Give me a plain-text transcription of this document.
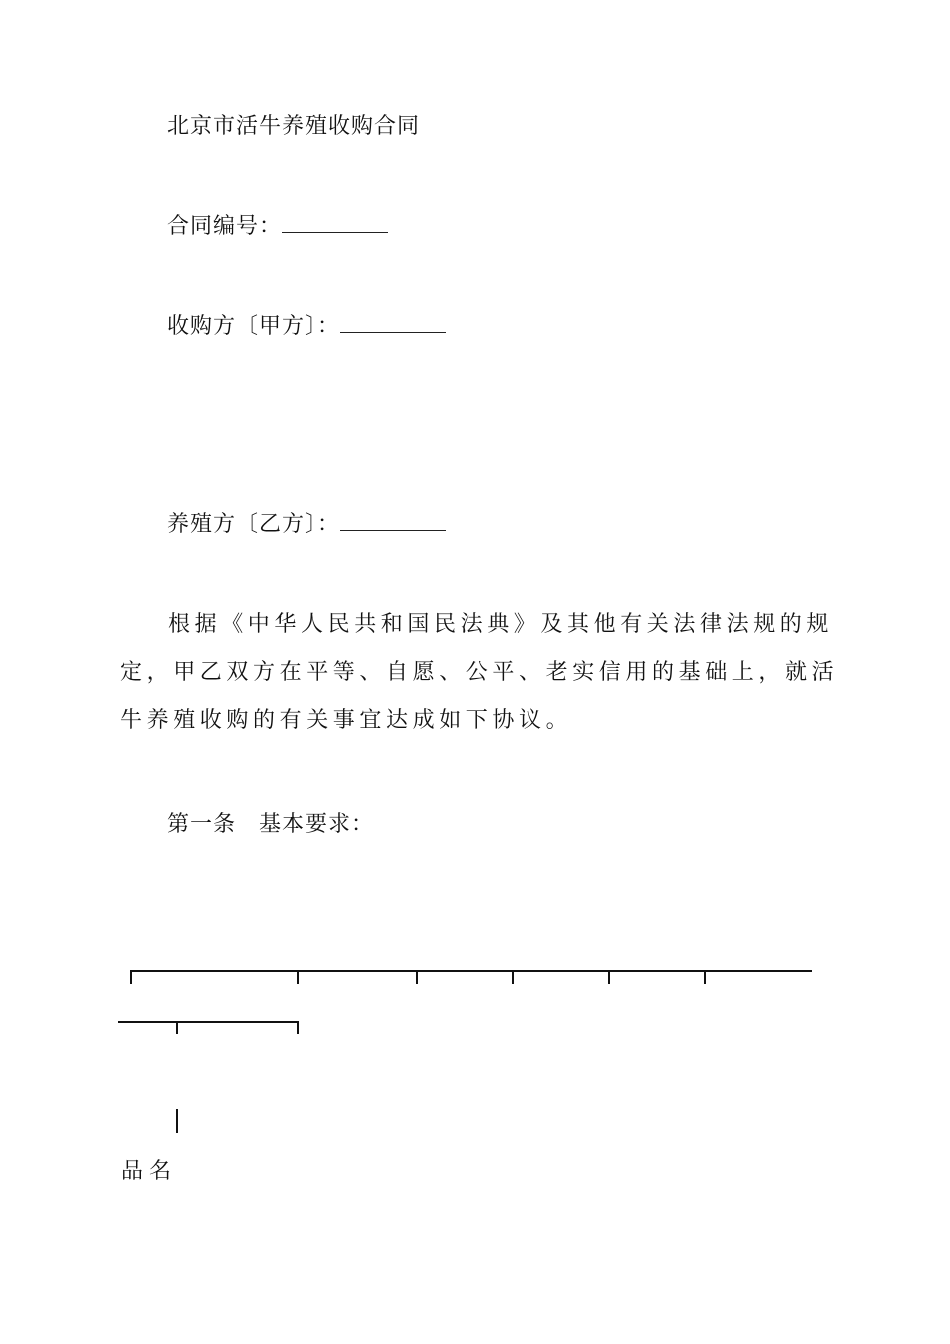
北京市活牛养殖收购合同
合同编号：
收购方〔甲方〕：
养殖方〔乙方〕：
根据《中华人民共和国民法典》及其他有关法律法规的规定，甲乙双方在平等、自愿、公平、老实信用的基础上，就活牛养殖收购的有关事宜达成如下协议。
第一条　基本要求：
品名
